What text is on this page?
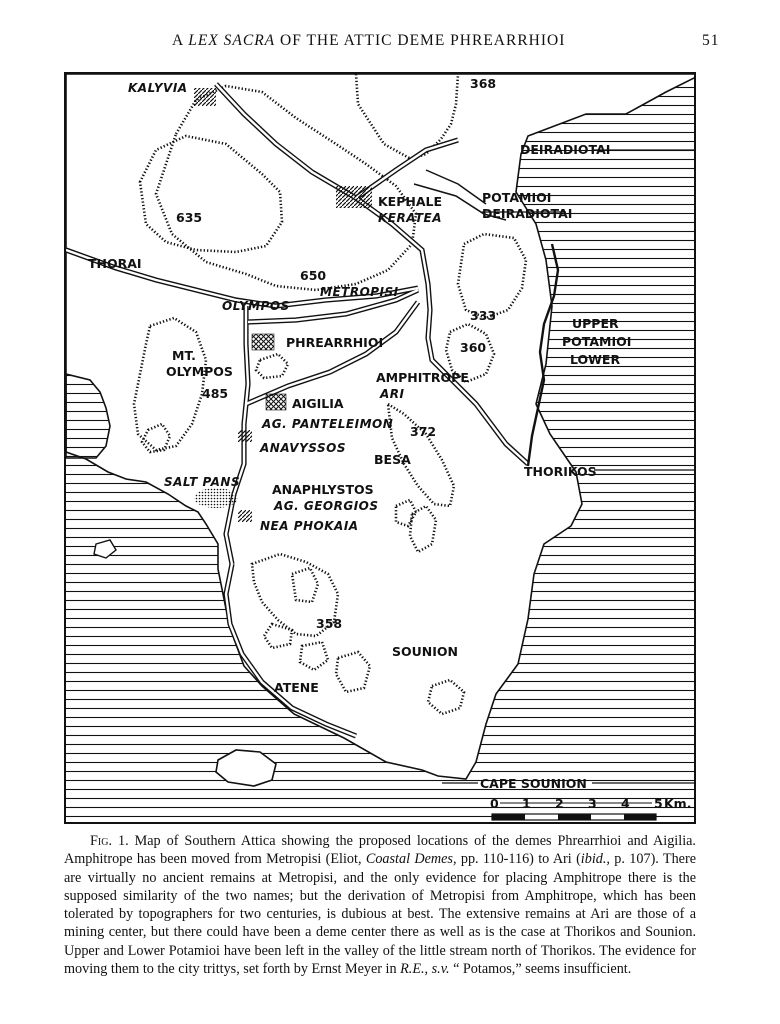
A LEX SACRA OF THE ATTIC DEME PHREARRHIOI	51
368
635
650
333
360
485
372
358
KALYVIA
DEIRADIOTAI
KEPHALE
KERATEA
POTAMIOI
DEIRADIOTAI
THORAI
METROPISI
OLYMPOS
UPPER
POTAMIOI
LOWER
PHREARRHIOI
MT.
OLYMPOS	AMPHITROPE
ARI
AIGILIA
AG. PANTELEIMON
ANAVYSSOS
BESA
THORIKOS
SALT PANS	ANAPHLYSTOS
AG. GEORGIOS
NEA PHOKAIA
SOUNION
ATENE
CAPE SOUNION
0 1 2 3 4 5 Km.

Fig. 1. Map of Southern Attica showing the proposed locations of the demes Phrearrhioi and Aigilia. Amphitrope has been moved from Metropisi (Eliot, Coastal Demes, pp. 110-116) to Ari (ibid., p. 107). There are virtually no ancient remains at Metropisi, and the only evidence for placing Amphitrope there is the supposed similarity of the two names; but the derivation of Metropisi from Amphitrope, which has been tolerated by topographers for two centuries, is dubious at best. The extensive remains at Ari are those of a mining center, but there could have been a deme center there as well as is the case at Thorikos and Sounion. Upper and Lower Potamioi have been left in the valley of the little stream north of Thorikos. The evidence for moving them to the city trittys, set forth by Ernst Meyer in R.E., s.v. “ Potamos,” seems insufficient.
